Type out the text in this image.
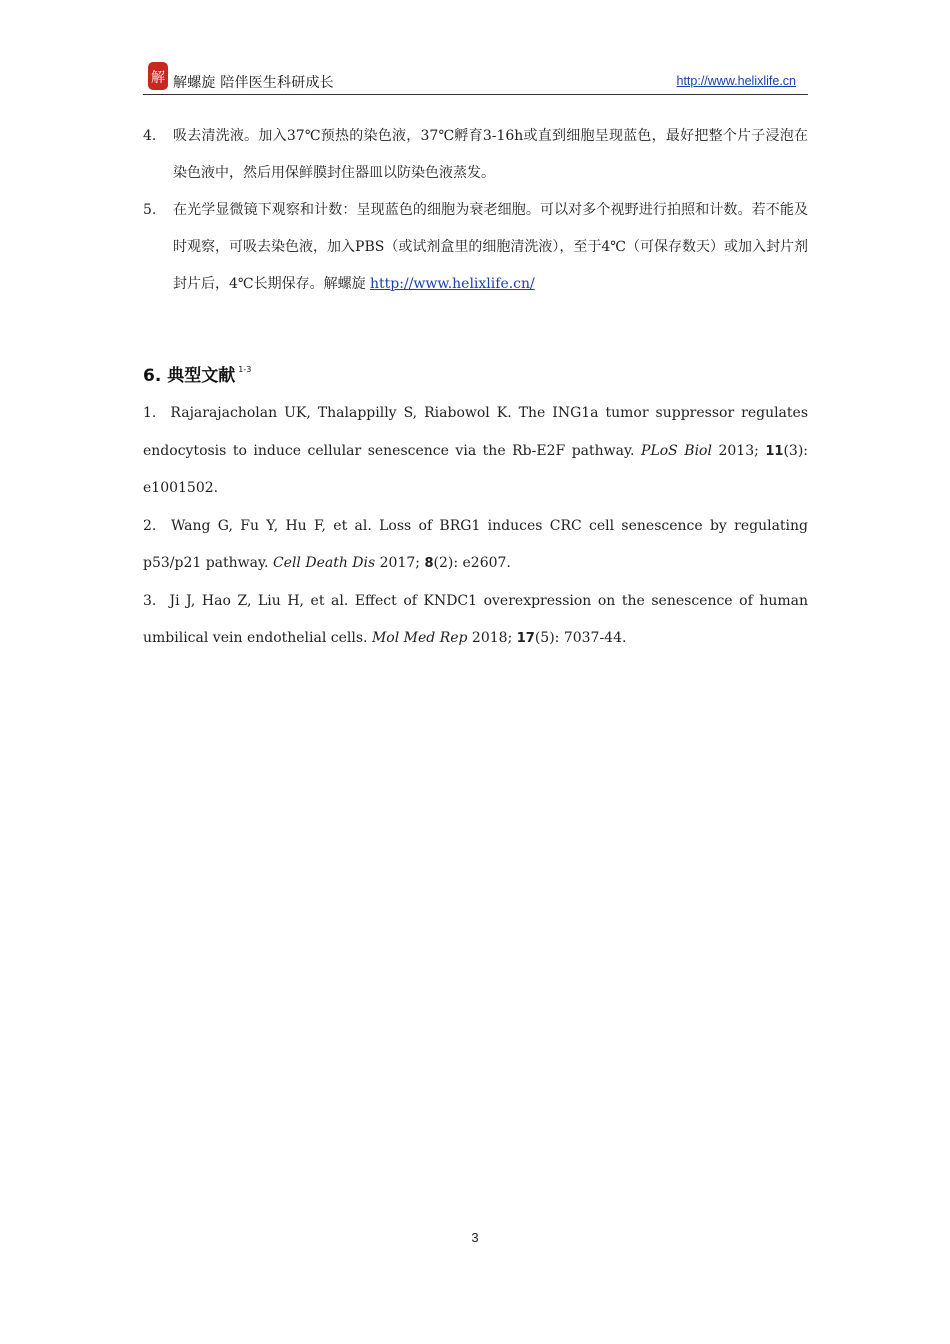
解 解螺旋 陪伴医生科研成长	http://www.helixlife.cn
4. 吸去清洗液。加入37℃预热的染色液，37℃孵育3-16h或直到细胞呈现蓝色，最好把整个片子浸泡在染色液中，然后用保鲜膜封住器皿以防染色液蒸发。

5. 在光学显微镜下观察和计数：呈现蓝色的细胞为衰老细胞。可以对多个视野进行拍照和计数。若不能及时观察，可吸去染色液，加入PBS（或试剂盒里的细胞清洗液），至于4℃（可保存数天）或加入封片剂封片后，4℃长期保存。解螺旋 http://www.helixlife.cn/

6. 典型文献 $^{1-3}$

1. Rajarajacholan UK, Thalappilly S, Riabowol K. The ING1a tumor suppressor regulates endocytosis to induce cellular senescence via the Rb-E2F pathway. PLoS Biol 2013; 11(3): e1001502.

2. Wang G, Fu Y, Hu F, et al. Loss of BRG1 induces CRC cell senescence by regulating p53/p21 pathway. Cell Death Dis 2017; 8(2): e2607.

3. Ji J, Hao Z, Liu H, et al. Effect of KNDC1 overexpression on the senescence of human umbilical vein endothelial cells. Mol Med Rep 2018; 17(5): 7037-44.

3
